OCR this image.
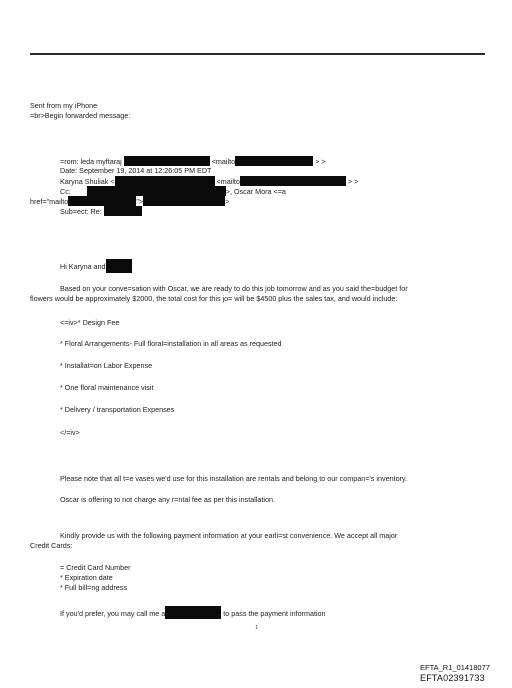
Sent from my iPhone
=br>Begin forwarded message:
=rom: leda myftaraj	<mailto	> >
Date: September 19, 2014 at 12:26:05 PM EDT
Karyna Shuliak <	<mailto	> >
Cc:	>, Oscar Mora <=a
href="mailto	">	>
Sub=ect: Re:
Hi Karyna and
Based on your conve=sation with Oscar, we are ready to do this job tomorrow and as you said the=budget for
flowers would be approximately $2000, the total cost for this jo= will be $4500 plus the sales tax, and would include:
<=iv>* Design Fee
* Floral Arrangements- Full floral=installation in all areas as requested
* Installat=on Labor Expense
* One floral maintenance visit
* Delivery / transportation Expenses
</=iv>
Please note that all t=e vases we'd use for this installation are rentals and belong to our compan='s inventory.
Oscar is offering to not charge any r=ntal fee as per this installation.
Kindly provide us with the following payment information at your earli=st convenience. We accept all major
Credit Cards:
= Credit Card Number
* Expiration date
* Full bill=ng address
If you'd prefer, you may call me a	to pass the payment information
1
EFTA_R1_01418077
EFTA02391733
